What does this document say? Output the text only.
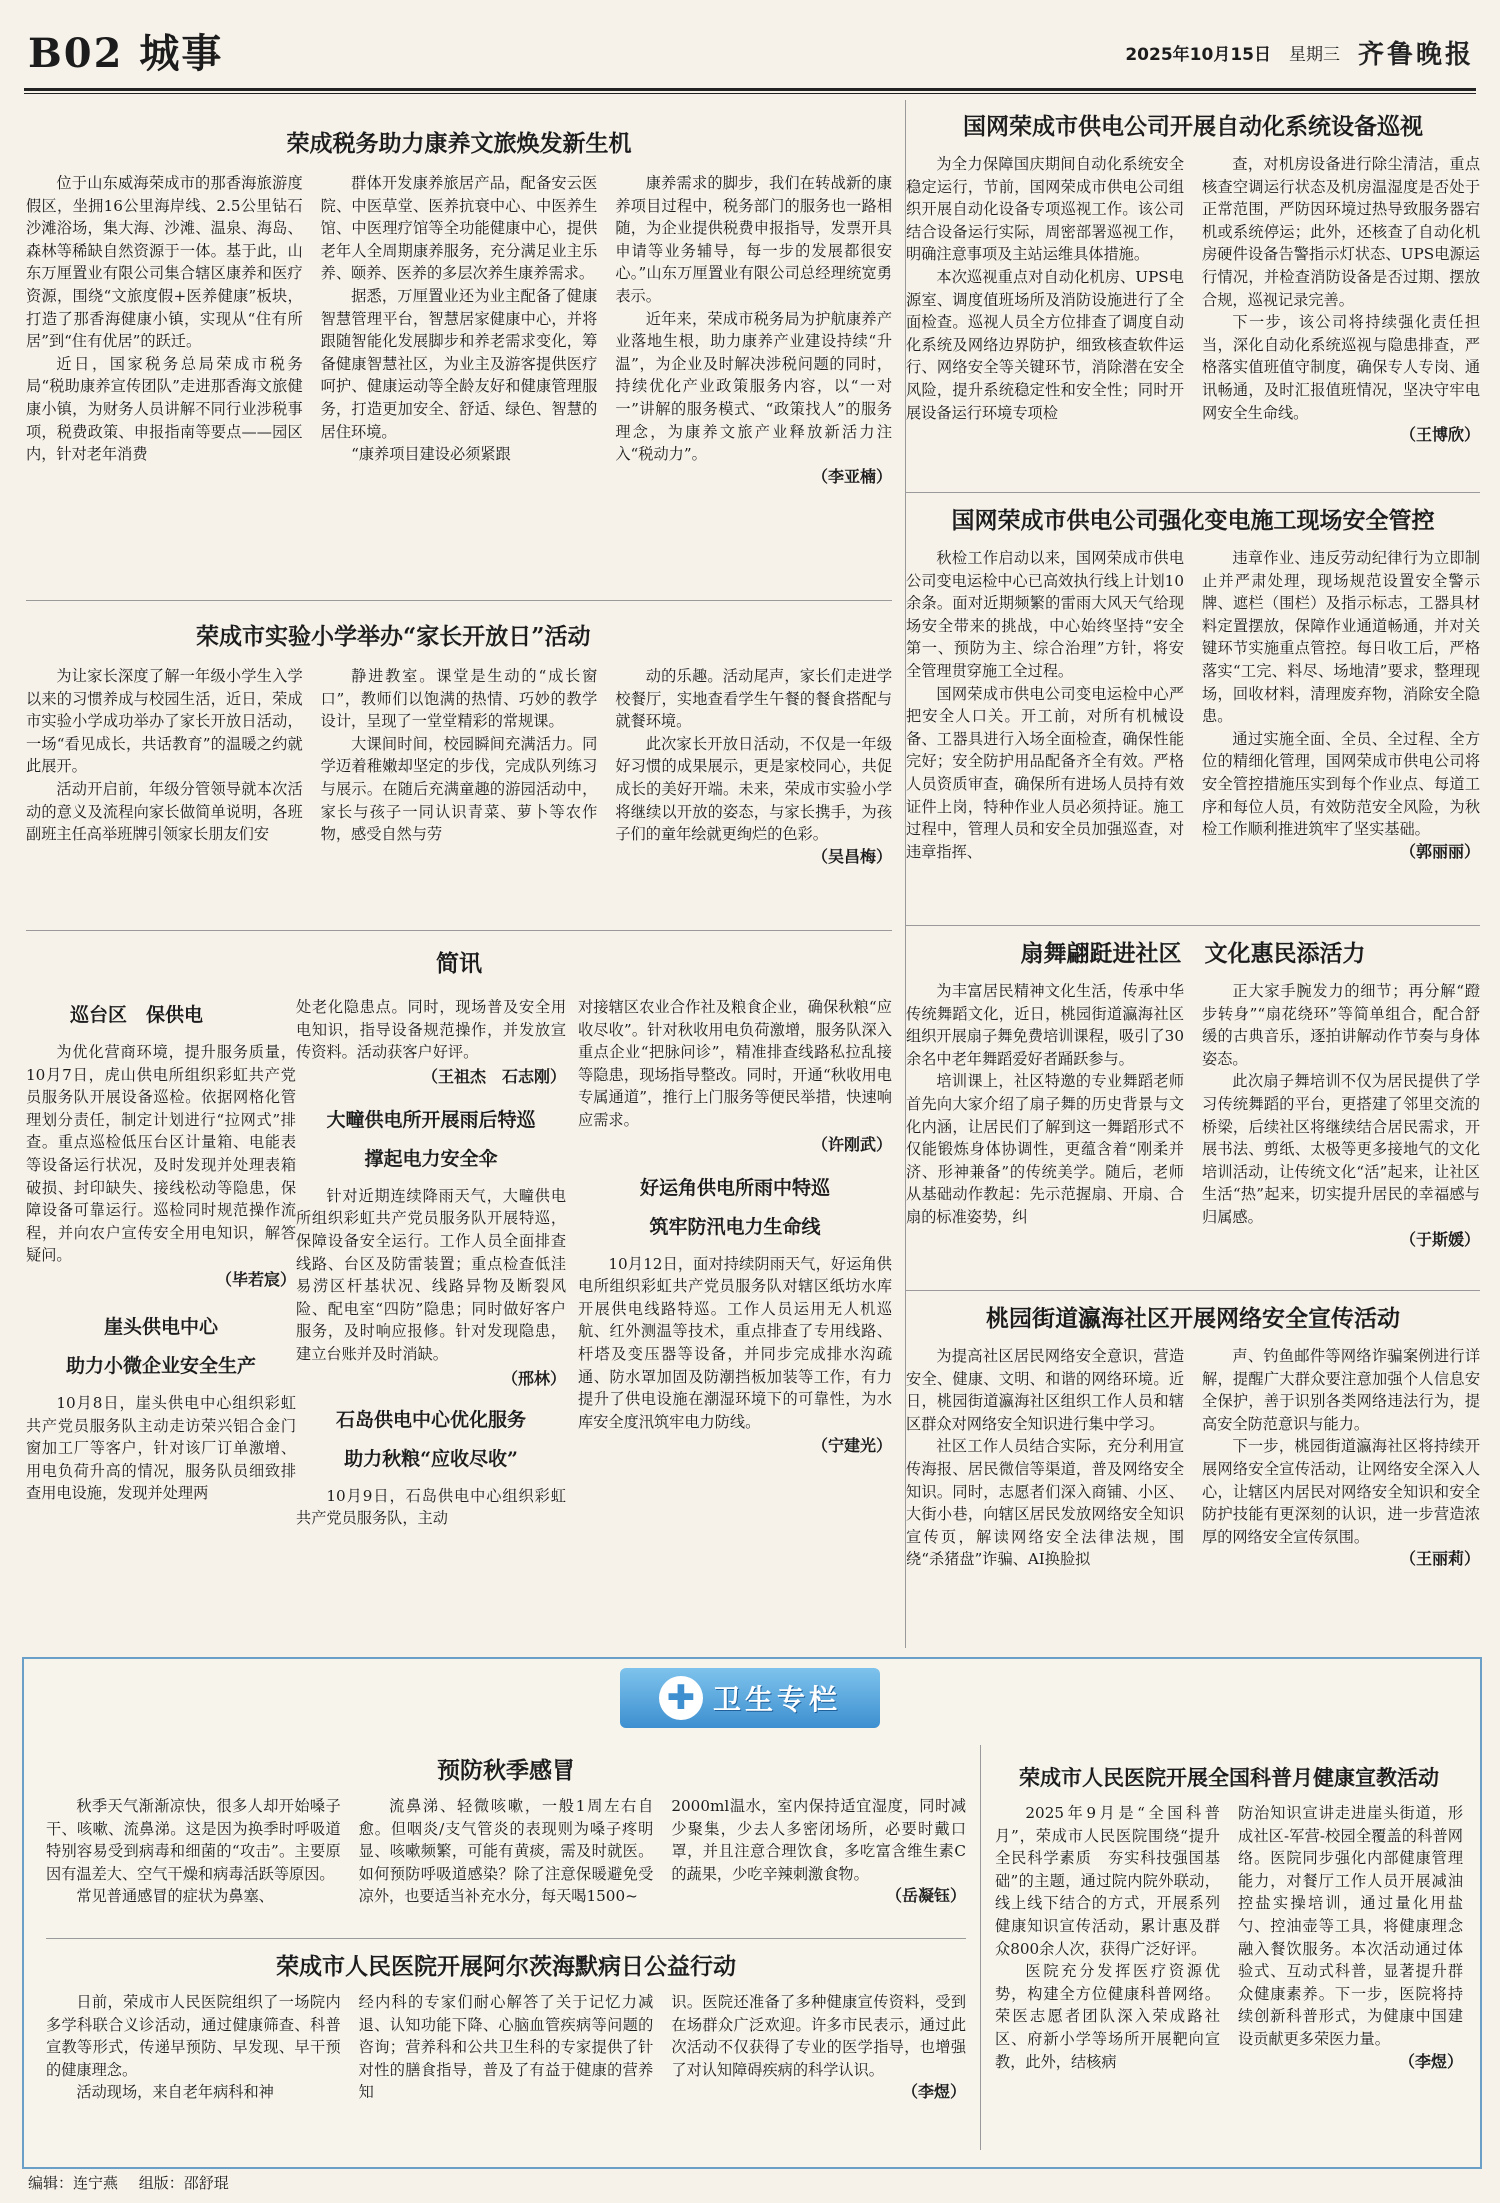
B02 城事	2025年10月15日 星期三 齐鲁晚报
荣成税务助力康养文旅焕发新生机

位于山东威海荣成市的那香海旅游度假区，坐拥16公里海岸线、2.5公里钻石沙滩浴场，集大海、沙滩、温泉、海岛、森林等稀缺自然资源于一体。基于此，山东万厘置业有限公司集合辖区康养和医疗资源，围绕“文旅度假+医养健康”板块，打造了那香海健康小镇，实现从“住有所居”到“住有优居”的跃迁。

近日，国家税务总局荣成市税务局“税助康养宣传团队”走进那香海文旅健康小镇，为财务人员讲解不同行业涉税事项，税费政策、申报指南等要点——园区内，针对老年消费

群体开发康养旅居产品，配备安云医院、中医草堂、医养抗衰中心、中医养生馆、中医理疗馆等全功能健康中心，提供老年人全周期康养服务，充分满足业主乐养、颐养、医养的多层次养生康养需求。

据悉，万厘置业还为业主配备了健康智慧管理平台，智慧居家健康中心，并将跟随智能化发展脚步和养老需求变化，筹备健康智慧社区，为业主及游客提供医疗呵护、健康运动等全龄友好和健康管理服务，打造更加安全、舒适、绿色、智慧的居住环境。

“康养项目建设必须紧跟

康养需求的脚步，我们在转战新的康养项目过程中，税务部门的服务也一路相随，为企业提供税费申报指导，发票开具申请等业务辅导，每一步的发展都很安心。”山东万厘置业有限公司总经理统宽勇表示。

近年来，荣成市税务局为护航康养产业落地生根，助力康养产业建设持续“升温”，为企业及时解决涉税问题的同时，持续优化产业政策服务内容，以“一对一”讲解的服务模式、“政策找人”的服务理念，为康养文旅产业释放新活力注入“税动力”。

（李亚楠）
荣成市实验小学举办“家长开放日”活动

为让家长深度了解一年级小学生入学以来的习惯养成与校园生活，近日，荣成市实验小学成功举办了家长开放日活动，一场“看见成长，共话教育”的温暖之约就此展开。

活动开启前，年级分管领导就本次活动的意义及流程向家长做简单说明，各班副班主任高举班牌引领家长朋友们安

静进教室。课堂是生动的“成长窗口”，教师们以饱满的热情、巧妙的教学设计，呈现了一堂堂精彩的常规课。

大课间时间，校园瞬间充满活力。同学迈着稚嫩却坚定的步伐，完成队列练习与展示。在随后充满童趣的游园活动中，家长与孩子一同认识青菜、萝卜等农作物，感受自然与劳

动的乐趣。活动尾声，家长们走进学校餐厅，实地查看学生午餐的餐食搭配与就餐环境。

此次家长开放日活动，不仅是一年级好习惯的成果展示，更是家校同心，共促成长的美好开端。未来，荣成市实验小学将继续以开放的姿态，与家长携手，为孩子们的童年绘就更绚烂的色彩。

（吴昌梅）
简讯
巡台区　保供电

为优化营商环境，提升服务质量，10月7日，虎山供电所组织彩虹共产党员服务队开展设备巡检。依据网格化管理划分责任，制定计划进行“拉网式”排查。重点巡检低压台区计量箱、电能表等设备运行状况，及时发现并处理表箱破损、封印缺失、接线松动等隐患，保障设备可靠运行。巡检同时规范操作流程，并向农户宣传安全用电知识，解答疑问。

（毕若宸）
崖头供电中心
助力小微企业安全生产

10月8日，崖头供电中心组织彩虹共产党员服务队主动走访荣兴铝合金门窗加工厂等客户，针对该厂订单激增、用电负荷升高的情况，服务队员细致排查用电设施，发现并处理两

处老化隐患点。同时，现场普及安全用电知识，指导设备规范操作，并发放宣传资料。活动获客户好评。

（王祖杰　石志刚）
大疃供电所开展雨后特巡
撑起电力安全伞

针对近期连续降雨天气，大疃供电所组织彩虹共产党员服务队开展特巡，保障设备安全运行。工作人员全面排查线路、台区及防雷装置；重点检查低洼易涝区杆基状况、线路异物及断裂风险、配电室“四防”隐患；同时做好客户服务，及时响应报修。针对发现隐患，建立台账并及时消缺。

（邢林）
石岛供电中心优化服务
助力秋粮“应收尽收”

10月9日，石岛供电中心组织彩虹共产党员服务队，主动

对接辖区农业合作社及粮食企业，确保秋粮“应收尽收”。针对秋收用电负荷激增，服务队深入重点企业“把脉问诊”，精准排查线路私拉乱接等隐患，现场指导整改。同时，开通“秋收用电专属通道”，推行上门服务等便民举措，快速响应需求。

（许刚武）
好运角供电所雨中特巡
筑牢防汛电力生命线

10月12日，面对持续阴雨天气，好运角供电所组织彩虹共产党员服务队对辖区纸坊水库开展供电线路特巡。工作人员运用无人机巡航、红外测温等技术，重点排查了专用线路、杆塔及变压器等设备，并同步完成排水沟疏通、防水罩加固及防潮挡板加装等工作，有力提升了供电设施在潮湿环境下的可靠性，为水库安全度汛筑牢电力防线。

（宁建光）
国网荣成市供电公司开展自动化系统设备巡视

为全力保障国庆期间自动化系统安全稳定运行，节前，国网荣成市供电公司组织开展自动化设备专项巡视工作。该公司结合设备运行实际，周密部署巡视工作，明确注意事项及主站运维具体措施。

本次巡视重点对自动化机房、UPS电源室、调度值班场所及消防设施进行了全面检查。巡视人员全方位排查了调度自动化系统及网络边界防护，细致核查软件运行、网络安全等关键环节，消除潜在安全风险，提升系统稳定性和安全性；同时开展设备运行环境专项检

查，对机房设备进行除尘清洁，重点核查空调运行状态及机房温湿度是否处于正常范围，严防因环境过热导致服务器宕机或系统停运；此外，还核查了自动化机房硬件设备告警指示灯状态、UPS电源运行情况，并检查消防设备是否过期、摆放合规，巡视记录完善。

下一步，该公司将持续强化责任担当，深化自动化系统巡视与隐患排查，严格落实值班值守制度，确保专人专岗、通讯畅通，及时汇报值班情况，坚决守牢电网安全生命线。

（王博欣）
国网荣成市供电公司强化变电施工现场安全管控

秋检工作启动以来，国网荣成市供电公司变电运检中心已高效执行线上计划10余条。面对近期频繁的雷雨大风天气给现场安全带来的挑战，中心始终坚持“安全第一、预防为主、综合治理”方针，将安全管理贯穿施工全过程。

国网荣成市供电公司变电运检中心严把安全人口关。开工前，对所有机械设备、工器具进行入场全面检查，确保性能完好；安全防护用品配备齐全有效。严格人员资质审查，确保所有进场人员持有效证件上岗，特种作业人员必须持证。施工过程中，管理人员和安全员加强巡查，对违章指挥、

违章作业、违反劳动纪律行为立即制止并严肃处理，现场规范设置安全警示牌、遮栏（围栏）及指示标志，工器具材料定置摆放，保障作业通道畅通，并对关键环节实施重点管控。每日收工后，严格落实“工完、料尽、场地清”要求，整理现场，回收材料，清理废弃物，消除安全隐患。

通过实施全面、全员、全过程、全方位的精细化管理，国网荣成市供电公司将安全管控措施压实到每个作业点、每道工序和每位人员，有效防范安全风险，为秋检工作顺利推进筑牢了坚实基础。

（郭丽丽）
扇舞翩跹进社区　文化惠民添活力

为丰富居民精神文化生活，传承中华传统舞蹈文化，近日，桃园街道瀛海社区组织开展扇子舞免费培训课程，吸引了30余名中老年舞蹈爱好者踊跃参与。

培训课上，社区特邀的专业舞蹈老师首先向大家介绍了扇子舞的历史背景与文化内涵，让居民们了解到这一舞蹈形式不仅能锻炼身体协调性，更蕴含着“刚柔并济、形神兼备”的传统美学。随后，老师从基础动作教起：先示范握扇、开扇、合扇的标准姿势，纠

正大家手腕发力的细节；再分解“蹬步转身”“扇花绕环”等简单组合，配合舒缓的古典音乐，逐拍讲解动作节奏与身体姿态。

此次扇子舞培训不仅为居民提供了学习传统舞蹈的平台，更搭建了邻里交流的桥梁，后续社区将继续结合居民需求，开展书法、剪纸、太极等更多接地气的文化培训活动，让传统文化“活”起来，让社区生活“热”起来，切实提升居民的幸福感与归属感。

（于斯媛）
桃园街道瀛海社区开展网络安全宣传活动

为提高社区居民网络安全意识，营造安全、健康、文明、和谐的网络环境。近日，桃园街道瀛海社区组织工作人员和辖区群众对网络安全知识进行集中学习。

社区工作人员结合实际，充分利用宣传海报、居民微信等渠道，普及网络安全知识。同时，志愿者们深入商铺、小区、大街小巷，向辖区居民发放网络安全知识宣传页，解读网络安全法律法规，围绕“杀猪盘”诈骗、AI换脸拟

声、钓鱼邮件等网络诈骗案例进行详解，提醒广大群众要注意加强个人信息安全保护，善于识别各类网络违法行为，提高安全防范意识与能力。

下一步，桃园街道瀛海社区将持续开展网络安全宣传活动，让网络安全深入人心，让辖区内居民对网络安全知识和安全防护技能有更深刻的认识，进一步营造浓厚的网络安全宣传氛围。

（王丽莉）
✚ 卫生专栏
预防秋季感冒

秋季天气渐渐凉快，很多人却开始嗓子干、咳嗽、流鼻涕。这是因为换季时呼吸道特别容易受到病毒和细菌的“攻击”。主要原因有温差大、空气干燥和病毒活跃等原因。

常见普通感冒的症状为鼻塞、

流鼻涕、轻微咳嗽，一般1周左右自愈。但咽炎/支气管炎的表现则为嗓子疼明显、咳嗽频繁，可能有黄痰，需及时就医。如何预防呼吸道感染？除了注意保暖避免受凉外，也要适当补充水分，每天喝1500~

2000ml温水，室内保持适宜湿度，同时减少聚集，少去人多密闭场所，必要时戴口罩，并且注意合理饮食，多吃富含维生素C的蔬果，少吃辛辣刺激食物。

（岳凝钰）
荣成市人民医院开展阿尔茨海默病日公益行动

日前，荣成市人民医院组织了一场院内多学科联合义诊活动，通过健康筛查、科普宣教等形式，传递早预防、早发现、早干预的健康理念。

活动现场，来自老年病科和神

经内科的专家们耐心解答了关于记忆力减退、认知功能下降、心脑血管疾病等问题的咨询；营养科和公共卫生科的专家提供了针对性的膳食指导，普及了有益于健康的营养知

识。医院还准备了多种健康宣传资料，受到在场群众广泛欢迎。许多市民表示，通过此次活动不仅获得了专业的医学指导，也增强了对认知障碍疾病的科学认识。

（李煜）
荣成市人民医院开展全国科普月健康宣教活动

2025年9月是“全国科普月”，荣成市人民医院围绕“提升全民科学素质　夯实科技强国基础”的主题，通过院内院外联动，线上线下结合的方式，开展系列健康知识宣传活动，累计惠及群众800余人次，获得广泛好评。

医院充分发挥医疗资源优势，构建全方位健康科普网络。荣医志愿者团队深入荣成路社区、府新小学等场所开展靶向宣教，此外，结核病

防治知识宣讲走进崖头街道，形成社区-军营-校园全覆盖的科普网络。医院同步强化内部健康管理能力，对餐厅工作人员开展减油控盐实操培训，通过量化用盐勺、控油壶等工具，将健康理念融入餐饮服务。本次活动通过体验式、互动式科普，显著提升群众健康素养。下一步，医院将持续创新科普形式，为健康中国建设贡献更多荣医力量。

（李煜）
编辑：连宁燕 组版：邵舒琨
